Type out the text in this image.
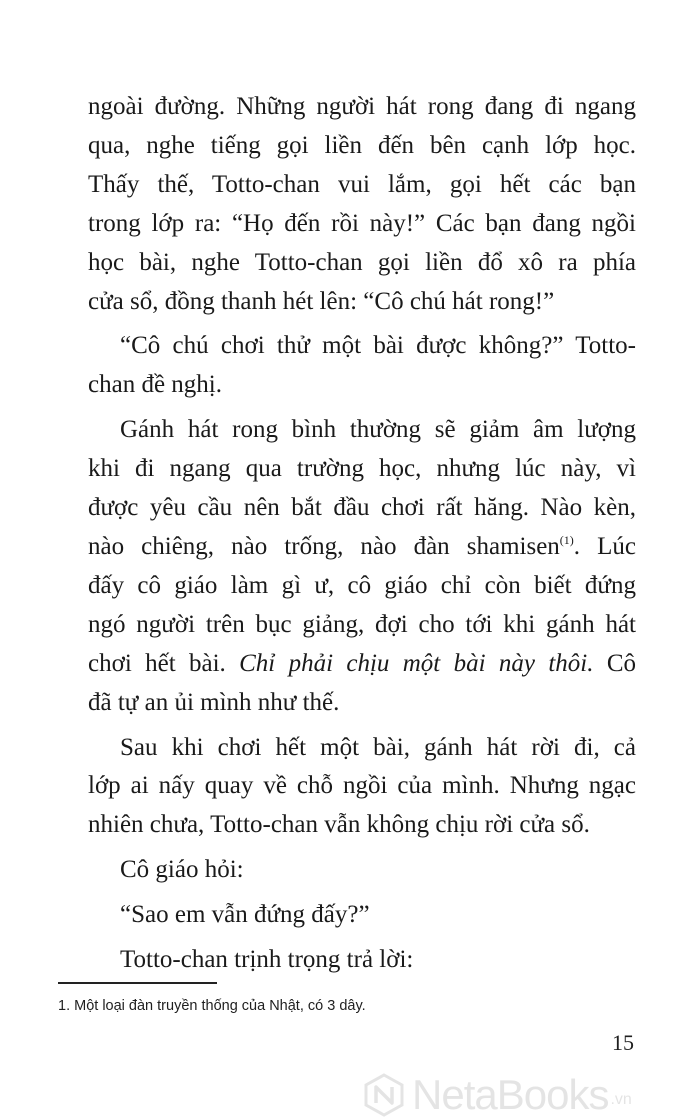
ngoài đường. Những người hát rong đang đi ngang
qua, nghe tiếng gọi liền đến bên cạnh lớp học.
Thấy thế, Totto-chan vui lắm, gọi hết các bạn
trong lớp ra: “Họ đến rồi này!” Các bạn đang ngồi
học bài, nghe Totto-chan gọi liền đổ xô ra phía
cửa sổ, đồng thanh hét lên: “Cô chú hát rong!”
“Cô chú chơi thử một bài được không?” Totto-
chan đề nghị.
Gánh hát rong bình thường sẽ giảm âm lượng
khi đi ngang qua trường học, nhưng lúc này, vì
được yêu cầu nên bắt đầu chơi rất hăng. Nào kèn,
nào chiêng, nào trống, nào đàn shamisen$^{(1)}$. Lúc
đấy cô giáo làm gì ư, cô giáo chỉ còn biết đứng
ngó người trên bục giảng, đợi cho tới khi gánh hát
chơi hết bài. Chỉ phải chịu một bài này thôi. Cô
đã tự an ủi mình như thế.
Sau khi chơi hết một bài, gánh hát rời đi, cả
lớp ai nấy quay về chỗ ngồi của mình. Nhưng ngạc
nhiên chưa, Totto-chan vẫn không chịu rời cửa sổ.
Cô giáo hỏi:
“Sao em vẫn đứng đấy?”
Totto-chan trịnh trọng trả lời:
1. Một loại đàn truyền thống của Nhật, có 3 dây.
15
NetaBooks .vn
